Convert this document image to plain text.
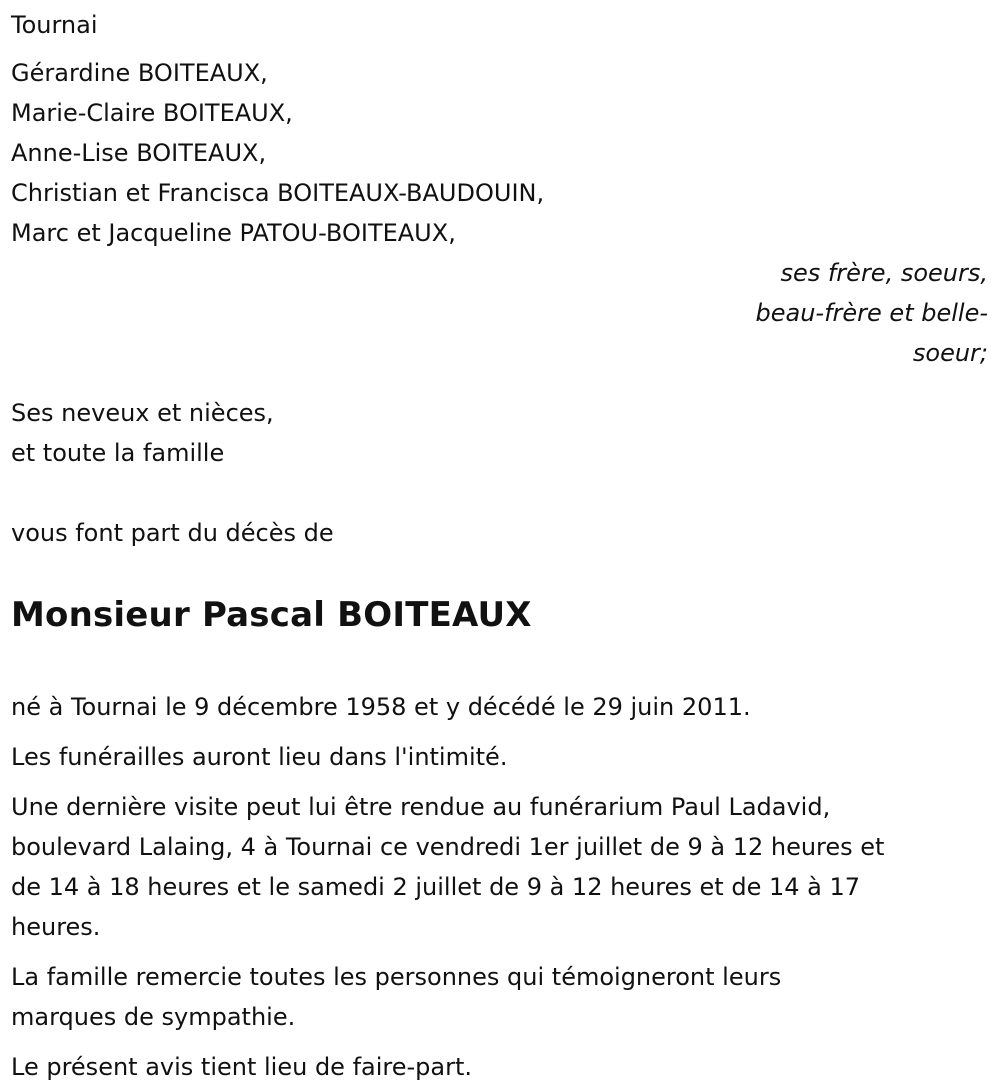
Tournai
Gérardine BOITEAUX,
Marie-Claire BOITEAUX,
Anne-Lise BOITEAUX,
Christian et Francisca BOITEAUX-BAUDOUIN,
Marc et Jacqueline PATOU-BOITEAUX,
ses frère, soeurs,
beau-frère et belle-
soeur;
Ses neveux et nièces,
et toute la famille
vous font part du décès de
Monsieur Pascal BOITEAUX
né à Tournai le 9 décembre 1958 et y décédé le 29 juin 2011.
Les funérailles auront lieu dans l'intimité.
Une dernière visite peut lui être rendue au funérarium Paul Ladavid,
boulevard Lalaing, 4 à Tournai ce vendredi 1er juillet de 9 à 12 heures et
de 14 à 18 heures et le samedi 2 juillet de 9 à 12 heures et de 14 à 17
heures.
La famille remercie toutes les personnes qui témoigneront leurs
marques de sympathie.
Le présent avis tient lieu de faire-part.
